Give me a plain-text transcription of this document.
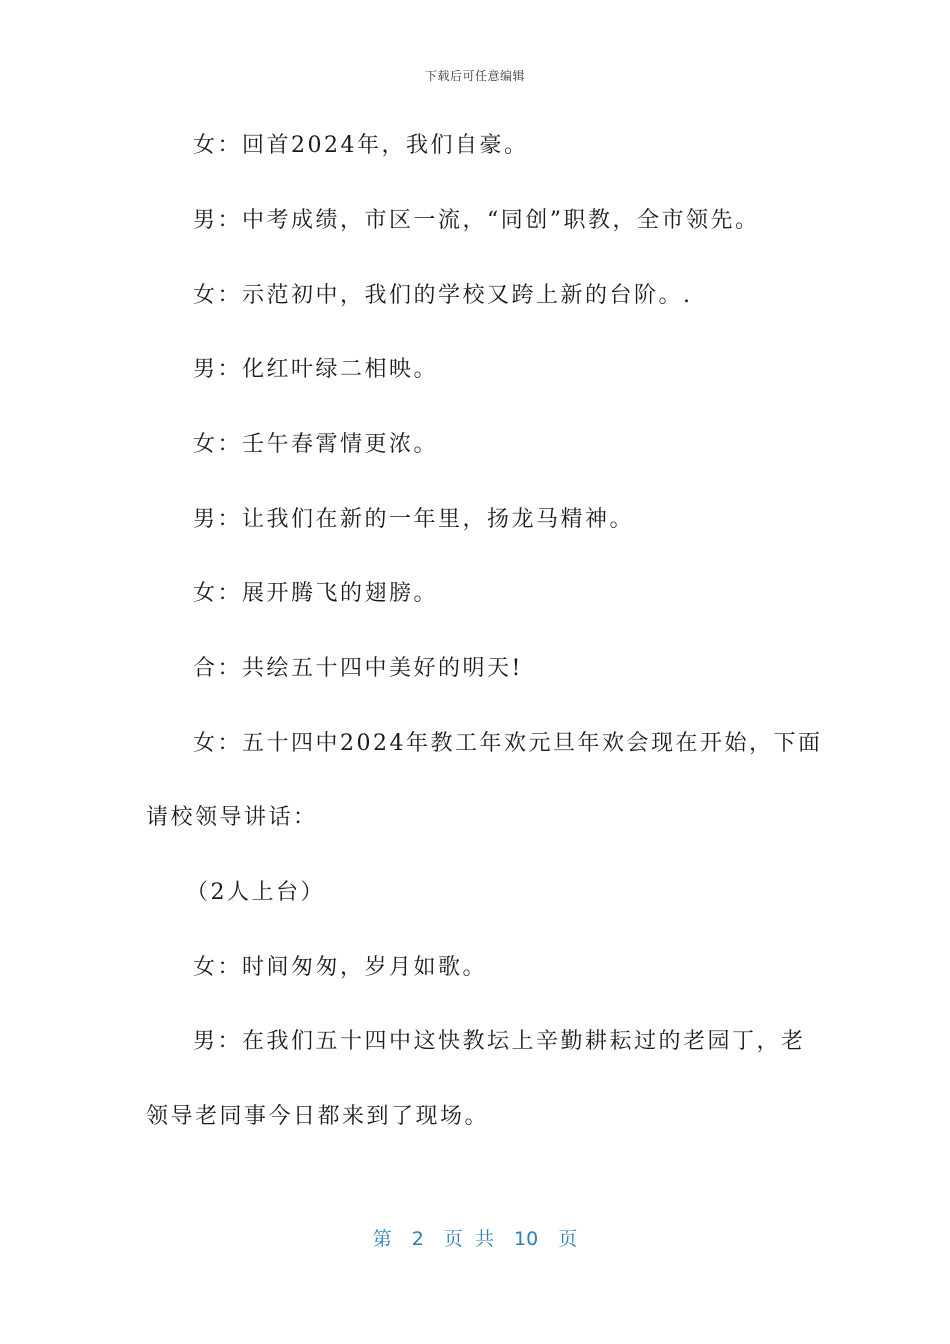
下载后可任意编辑
女：回首2024年，我们自豪。
男：中考成绩，市区一流，“同创”职教，全市领先。
女：示范初中，我们的学校又跨上新的台阶。.
男：化红叶绿二相映。
女：壬午春霄情更浓。
男：让我们在新的一年里，扬龙马精神。
女：展开腾飞的翅膀。
合：共绘五十四中美好的明天!
女：五十四中2024年教工年欢元旦年欢会现在开始，下面
请校领导讲话：
（2人上台）
女：时间匆匆，岁月如歌。
男：在我们五十四中这快教坛上辛勤耕耘过的老园丁，老
领导老同事今日都来到了现场。
第 2 页 共 10 页
